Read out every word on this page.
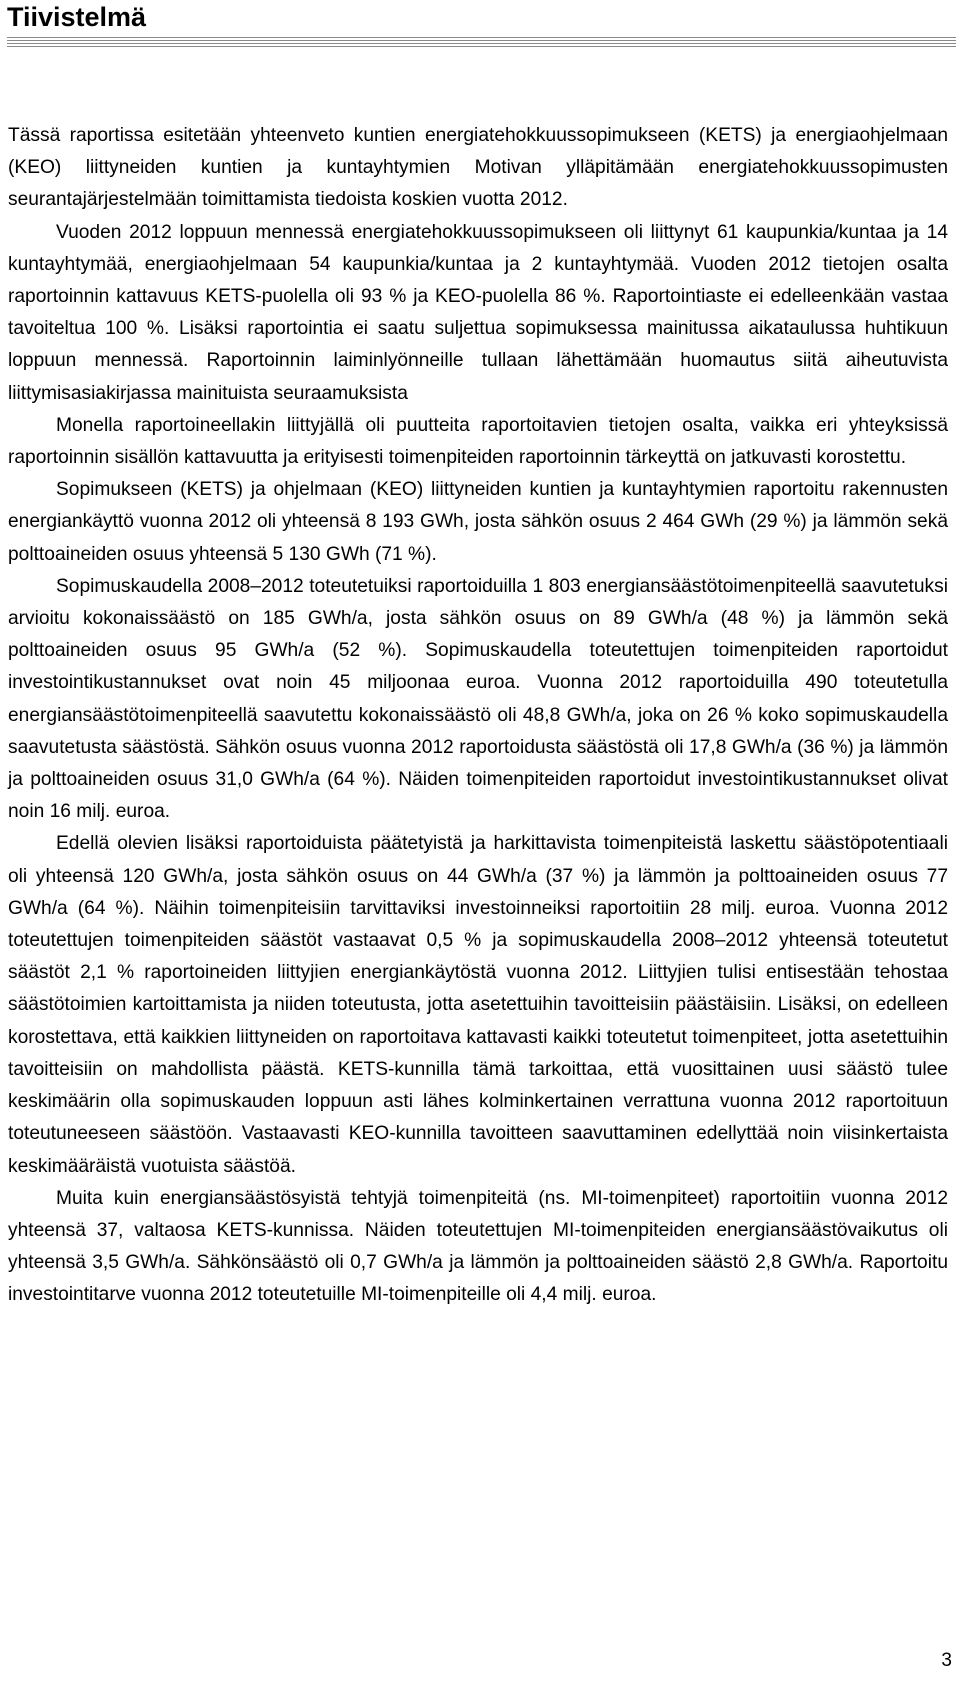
Tiivistelmä

Tässä raportissa esitetään yhteenveto kuntien energiatehokkuussopimukseen (KETS) ja energiaohjelmaan (KEO) liittyneiden kuntien ja kuntayhtymien Motivan ylläpitämään energiatehokkuussopimusten seurantajärjestelmään toimittamista tiedoista koskien vuotta 2012.

Vuoden 2012 loppuun mennessä energiatehokkuussopimukseen oli liittynyt 61 kaupunkia/kuntaa ja 14 kuntayhtymää, energiaohjelmaan 54 kaupunkia/kuntaa ja 2 kuntayhtymää. Vuoden 2012 tietojen osalta raportoinnin kattavuus KETS-puolella oli 93 % ja KEO-puolella 86 %. Raportointiaste ei edelleenkään vastaa tavoiteltua 100 %. Lisäksi raportointia ei saatu suljettua sopimuksessa mainitussa aikataulussa huhtikuun loppuun mennessä. Raportoinnin laiminlyönneille tullaan lähettämään huomautus siitä aiheutuvista liittymisasiakirjassa mainituista seuraamuksista

Monella raportoineellakin liittyjällä oli puutteita raportoitavien tietojen osalta, vaikka eri yhteyksissä raportoinnin sisällön kattavuutta ja erityisesti toimenpiteiden raportoinnin tärkeyttä on jatkuvasti korostettu.

Sopimukseen (KETS) ja ohjelmaan (KEO) liittyneiden kuntien ja kuntayhtymien raportoitu rakennusten energiankäyttö vuonna 2012 oli yhteensä 8 193 GWh, josta sähkön osuus 2 464 GWh (29 %) ja lämmön sekä polttoaineiden osuus yhteensä 5 130 GWh (71 %).

Sopimuskaudella 2008–2012 toteutetuiksi raportoiduilla 1 803 energiansäästötoimenpiteellä saavutetuksi arvioitu kokonaissäästö on 185 GWh/a, josta sähkön osuus on 89 GWh/a (48 %) ja lämmön sekä polttoaineiden osuus 95 GWh/a (52 %). Sopimuskaudella toteutettujen toimenpiteiden raportoidut investointikustannukset ovat noin 45 miljoonaa euroa. Vuonna 2012 raportoiduilla 490 toteutetulla energiansäästötoimenpiteellä saavutettu kokonaissäästö oli 48,8 GWh/a, joka on 26 % koko sopimuskaudella saavutetusta säästöstä. Sähkön osuus vuonna 2012 raportoidusta säästöstä oli 17,8 GWh/a (36 %) ja lämmön ja polttoaineiden osuus 31,0 GWh/a (64 %). Näiden toimenpiteiden raportoidut investointikustannukset olivat noin 16 milj. euroa.

Edellä olevien lisäksi raportoiduista päätetyistä ja harkittavista toimenpiteistä laskettu säästöpotentiaali oli yhteensä 120 GWh/a, josta sähkön osuus on 44 GWh/a (37 %) ja lämmön ja polttoaineiden osuus 77 GWh/a (64 %). Näihin toimenpiteisiin tarvittaviksi investoinneiksi raportoitiin 28 milj. euroa. Vuonna 2012 toteutettujen toimenpiteiden säästöt vastaavat 0,5 % ja sopimuskaudella 2008–2012 yhteensä toteutetut säästöt 2,1 % raportoineiden liittyjien energiankäytöstä vuonna 2012. Liittyjien tulisi entisestään tehostaa säästötoimien kartoittamista ja niiden toteutusta, jotta asetettuihin tavoitteisiin päästäisiin. Lisäksi, on edelleen korostettava, että kaikkien liittyneiden on raportoitava kattavasti kaikki toteutetut toimenpiteet, jotta asetettuihin tavoitteisiin on mahdollista päästä. KETS-kunnilla tämä tarkoittaa, että vuosittainen uusi säästö tulee keskimäärin olla sopimuskauden loppuun asti lähes kolminkertainen verrattuna vuonna 2012 raportoituun toteutuneeseen säästöön. Vastaavasti KEO-kunnilla tavoitteen saavuttaminen edellyttää noin viisinkertaista keskimääräistä vuotuista säästöä.

Muita kuin energiansäästösyistä tehtyjä toimenpiteitä (ns. MI-toimenpiteet) raportoitiin vuonna 2012 yhteensä 37, valtaosa KETS-kunnissa. Näiden toteutettujen MI-toimenpiteiden energiansäästövaikutus oli yhteensä 3,5 GWh/a. Sähkönsäästö oli 0,7 GWh/a ja lämmön ja polttoaineiden säästö 2,8 GWh/a. Raportoitu investointitarve vuonna 2012 toteutetuille MI-toimenpiteille oli 4,4 milj. euroa.

3
